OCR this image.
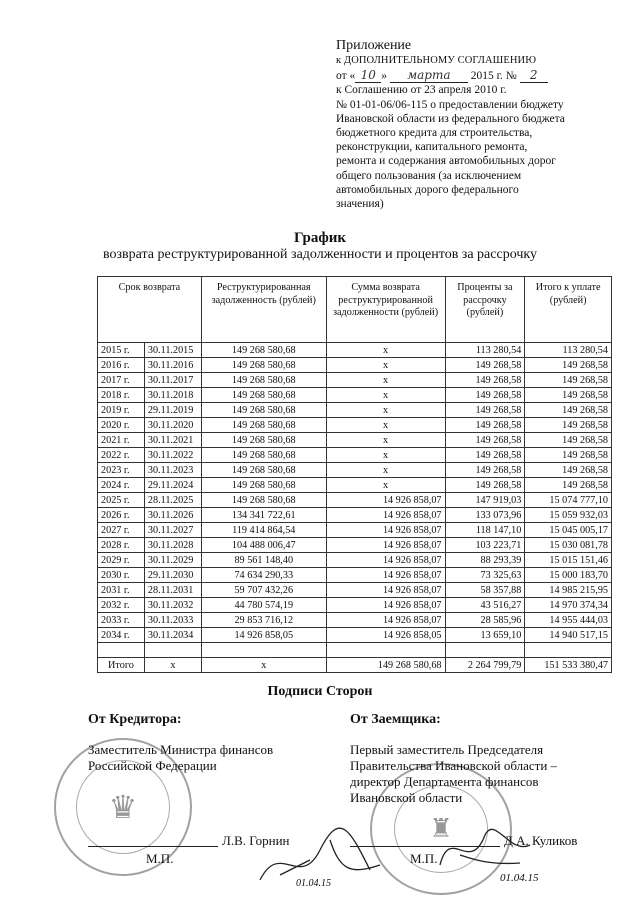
Приложение
к ДОПОЛНИТЕЛЬНОМУ СОГЛАШЕНИЮ
от « 10 » марта 2015 г. № 2
к Соглашению от 23 апреля 2010 г.
№ 01-01-06/06-115 о предоставлении бюджету
Ивановской области из федерального бюджета
бюджетного кредита для строительства,
реконструкции, капитального ремонта,
ремонта и содержания автомобильных дорог
общего пользования (за исключением
автомобильных дорого федерального
значения)
График
возврата реструктурированной задолженности и процентов за рассрочку
Срок возврата		Реструктурированная задолженность (рублей)	Сумма возврата реструктурированной задолженности (рублей)	Проценты за рассрочку (рублей)	Итого к уплате (рублей)
2015 г.	30.11.2015	149 268 580,68	х	113 280,54	113 280,54
2016 г.	30.11.2016	149 268 580,68	х	149 268,58	149 268,58
2017 г.	30.11.2017	149 268 580,68	х	149 268,58	149 268,58
2018 г.	30.11.2018	149 268 580,68	х	149 268,58	149 268,58
2019 г.	29.11.2019	149 268 580,68	х	149 268,58	149 268,58
2020 г.	30.11.2020	149 268 580,68	х	149 268,58	149 268,58
2021 г.	30.11.2021	149 268 580,68	х	149 268,58	149 268,58
2022 г.	30.11.2022	149 268 580,68	х	149 268,58	149 268,58
2023 г.	30.11.2023	149 268 580,68	х	149 268,58	149 268,58
2024 г.	29.11.2024	149 268 580,68	х	149 268,58	149 268,58
2025 г.	28.11.2025	149 268 580,68	14 926 858,07	147 919,03	15 074 777,10
2026 г.	30.11.2026	134 341 722,61	14 926 858,07	133 073,96	15 059 932,03
2027 г.	30.11.2027	119 414 864,54	14 926 858,07	118 147,10	15 045 005,17
2028 г.	30.11.2028	104 488 006,47	14 926 858,07	103 223,71	15 030 081,78
2029 г.	30.11.2029	89 561 148,40	14 926 858,07	88 293,39	15 015 151,46
2030 г.	29.11.2030	74 634 290,33	14 926 858,07	73 325,63	15 000 183,70
2031 г.	28.11.2031	59 707 432,26	14 926 858,07	58 357,88	14 985 215,95
2032 г.	30.11.2032	44 780 574,19	14 926 858,07	43 516,27	14 970 374,34
2033 г.	30.11.2033	29 853 716,12	14 926 858,07	28 585,96	14 955 444,03
2034 г.	30.11.2034	14 926 858,05	14 926 858,05	13 659,10	14 940 517,15

Итого	х	х	149 268 580,68	2 264 799,79	151 533 380,47
Подписи Сторон
От Кредитора:	От Заемщика:
♛
♜
Заместитель Министра финансов
Российской Федерации
Первый заместитель Председателя
Правительства Ивановской области –
директор Департамента финансов
Ивановской области
Л.В. Горнин
М.П.
Д.А. Куликов
М.П.
01.04.15	01.04.15
